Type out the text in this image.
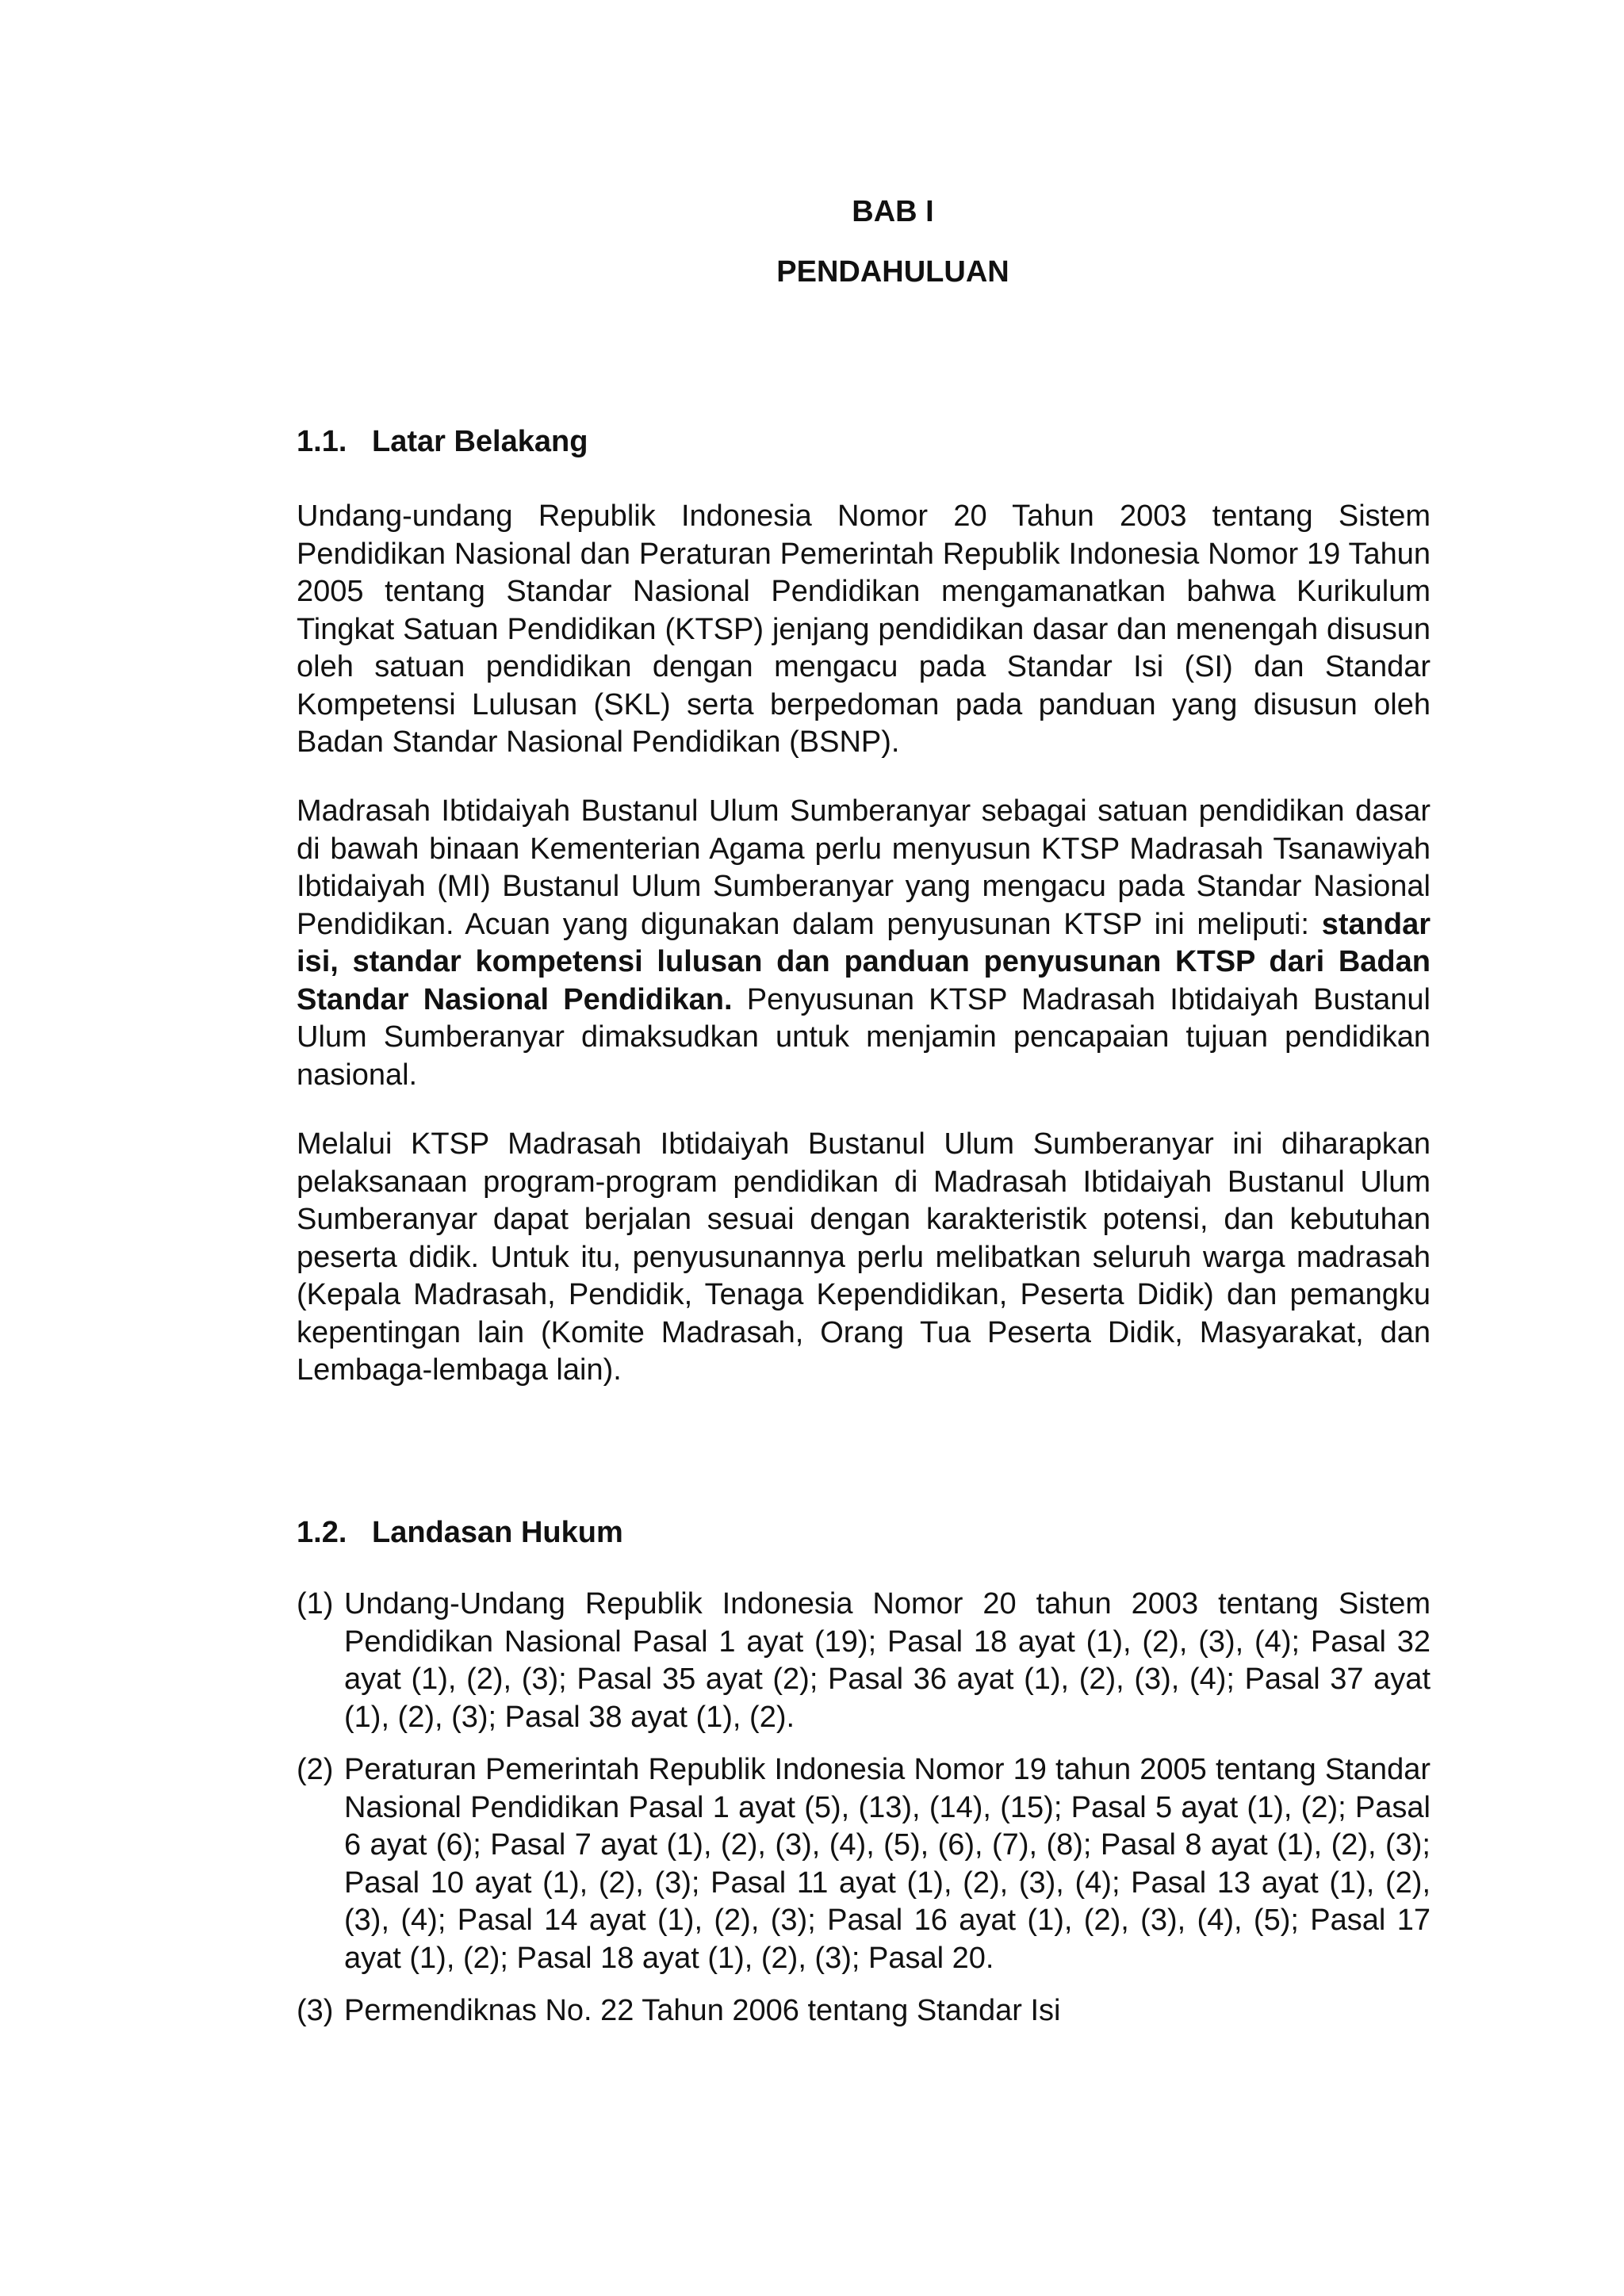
BAB I
PENDAHULUAN
1.1. Latar Belakang

Undang-undang Republik Indonesia Nomor 20 Tahun 2003 tentang Sistem Pendidikan Nasional dan Peraturan Pemerintah Republik Indonesia Nomor 19 Tahun 2005 tentang Standar Nasional Pendidikan mengamanatkan bahwa Kurikulum Tingkat Satuan Pendidikan (KTSP) jenjang pendidikan dasar dan menengah disusun oleh satuan pendidikan dengan mengacu pada Standar Isi (SI) dan Standar Kompetensi Lulusan (SKL) serta berpedoman pada panduan yang disusun oleh Badan Standar Nasional Pendidikan (BSNP).

Madrasah Ibtidaiyah Bustanul Ulum Sumberanyar sebagai satuan pendidikan dasar di bawah binaan Kementerian Agama perlu menyusun KTSP Madrasah Tsanawiyah Ibtidaiyah (MI) Bustanul Ulum Sumberanyar yang mengacu pada Standar Nasional Pendidikan. Acuan yang digunakan dalam penyusunan KTSP ini meliputi: standar isi, standar kompetensi lulusan dan panduan penyusunan KTSP dari Badan Standar Nasional Pendidikan. Penyusunan KTSP Madrasah Ibtidaiyah Bustanul Ulum Sumberanyar dimaksudkan untuk menjamin pencapaian tujuan pendidikan nasional.

Melalui KTSP Madrasah Ibtidaiyah Bustanul Ulum Sumberanyar ini diharapkan pelaksanaan program-program pendidikan di Madrasah Ibtidaiyah Bustanul Ulum Sumberanyar dapat berjalan sesuai dengan karakteristik potensi, dan kebutuhan peserta didik. Untuk itu, penyusunannya perlu melibatkan seluruh warga madrasah (Kepala Madrasah, Pendidik, Tenaga Kependidikan, Peserta Didik) dan pemangku kepentingan lain (Komite Madrasah, Orang Tua Peserta Didik, Masyarakat, dan Lembaga-lembaga lain).

1.2. Landasan Hukum
(1) Undang-Undang Republik Indonesia Nomor 20 tahun 2003 tentang Sistem Pendidikan Nasional Pasal 1 ayat (19); Pasal 18 ayat (1), (2), (3), (4); Pasal 32 ayat (1), (2), (3); Pasal 35 ayat (2); Pasal 36 ayat (1), (2), (3), (4); Pasal 37 ayat (1), (2), (3); Pasal 38 ayat (1), (2).
(2) Peraturan Pemerintah Republik Indonesia Nomor 19 tahun 2005 tentang Standar Nasional Pendidikan Pasal 1 ayat (5), (13), (14), (15); Pasal 5 ayat (1), (2); Pasal 6 ayat (6); Pasal 7 ayat (1), (2), (3), (4), (5), (6), (7), (8); Pasal 8 ayat (1), (2), (3); Pasal 10 ayat (1), (2), (3); Pasal 11 ayat (1), (2), (3), (4); Pasal 13 ayat (1), (2), (3), (4); Pasal 14 ayat (1), (2), (3); Pasal 16 ayat (1), (2), (3), (4), (5); Pasal 17 ayat (1), (2); Pasal 18 ayat (1), (2), (3); Pasal 20.
(3) Permendiknas No. 22 Tahun 2006 tentang Standar Isi
